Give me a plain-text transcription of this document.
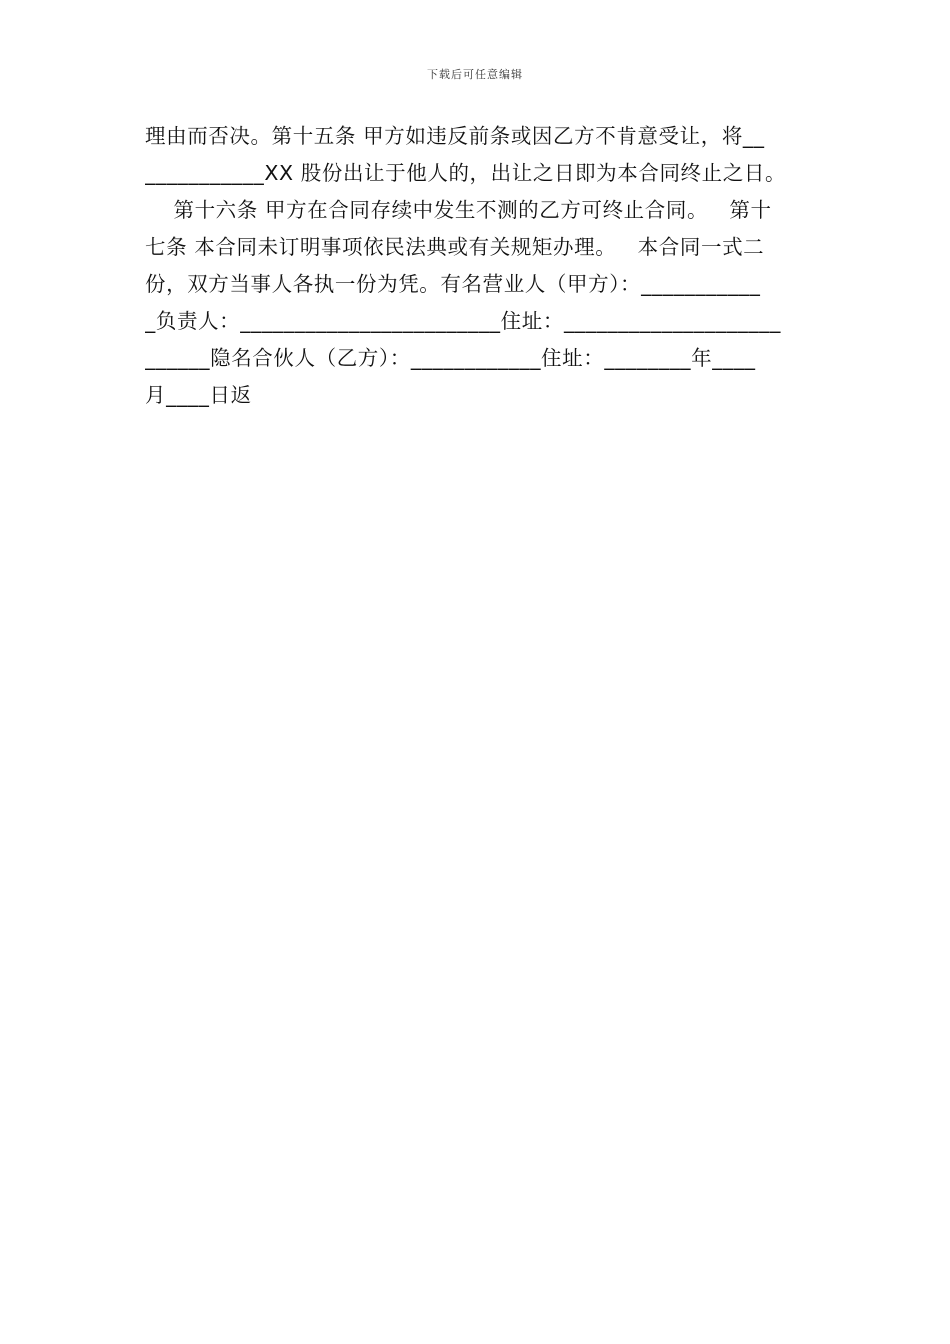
下载后可任意编辑
理由而否决。第十五条 甲方如违反前条或因乙方不肯意受让，将__
___________XX 股份出让于他人的，出让之日即为本合同终止之日。
第十六条 甲方在合同存续中发生不测的乙方可终止合同。   第十
七条 本合同未订明事项依民法典或有关规矩办理。   本合同一式二
份，双方当事人各执一份为凭。有名营业人（甲方）：___________
_负责人：________________________住址：____________________
______隐名合伙人（乙方）：____________住址：________年____
月____日返
